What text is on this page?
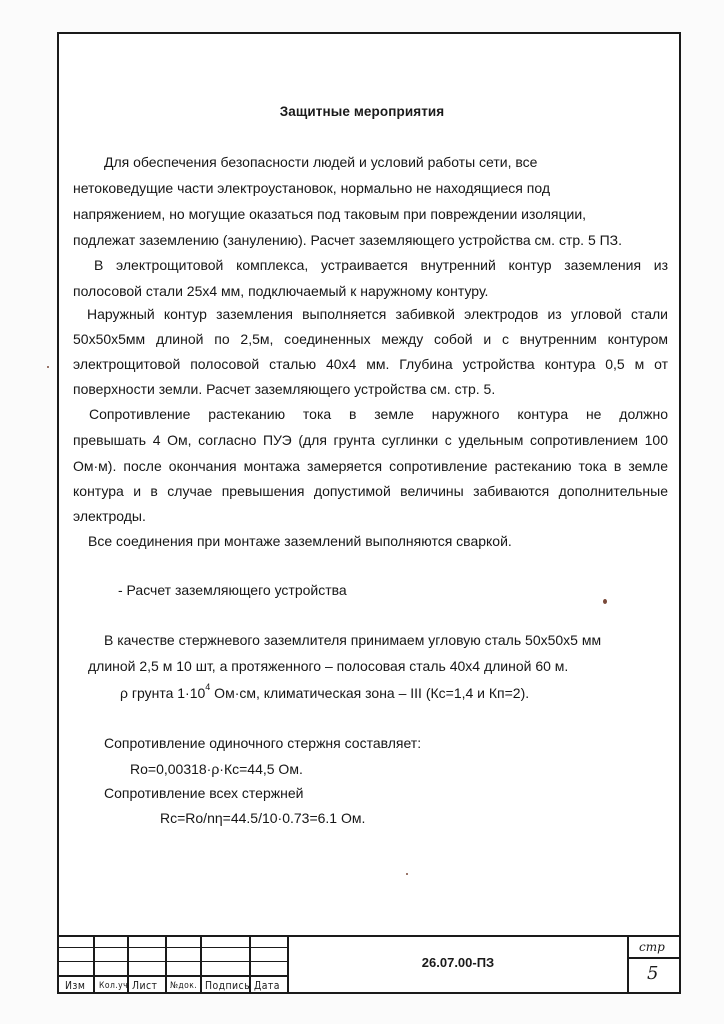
Защитные мероприятия
Для обеспечения безопасности людей и условий работы сети, все
нетоковедущие части электроустановок, нормально не находящиеся под
напряжением, но могущие оказаться под таковым при повреждении изоляции,
подлежат заземлению (занулению). Расчет заземляющего устройства см. стр. 5 ПЗ.
В электрощитовой комплекса, устраивается внутренний контур заземления из
полосовой стали 25х4 мм, подключаемый к наружному контуру.
Наружный контур заземления выполняется забивкой электродов из угловой стали
50х50х5мм длиной по 2,5м, соединенных между собой и с внутренним контуром
электрощитовой полосовой сталью 40х4 мм. Глубина устройства контура 0,5 м от
поверхности земли. Расчет заземляющего устройства см. стр. 5.
Сопротивление растеканию тока в земле наружного контура не должно
превышать 4 Ом, согласно ПУЭ (для грунта суглинки с удельным сопротивлением 100
Ом·м). после окончания монтажа замеряется сопротивление растеканию тока в земле
контура и в случае превышения допустимой величины забиваются дополнительные
электроды.
Все соединения при монтаже заземлений выполняются сваркой.
- Расчет заземляющего устройства
В качестве стержневого заземлителя принимаем угловую сталь 50х50х5 мм
длиной 2,5 м 10 шт, а протяженного – полосовая сталь 40х4 длиной 60 м.
ρ грунта $1\cdot 10^4$ Ом·см, климатическая зона – III (Кс=1,4 и Кп=2).
Сопротивление одиночного стержня составляет:
Ro=0,00318·ρ·Кс=44,5 Ом.
Сопротивление всех стержней
Rc=Ro/nη=44.5/10·0.73=6.1 Ом.
Изм Кол.уч Лист №док. Подпись Дата
26.07.00-ПЗ
стр
5
